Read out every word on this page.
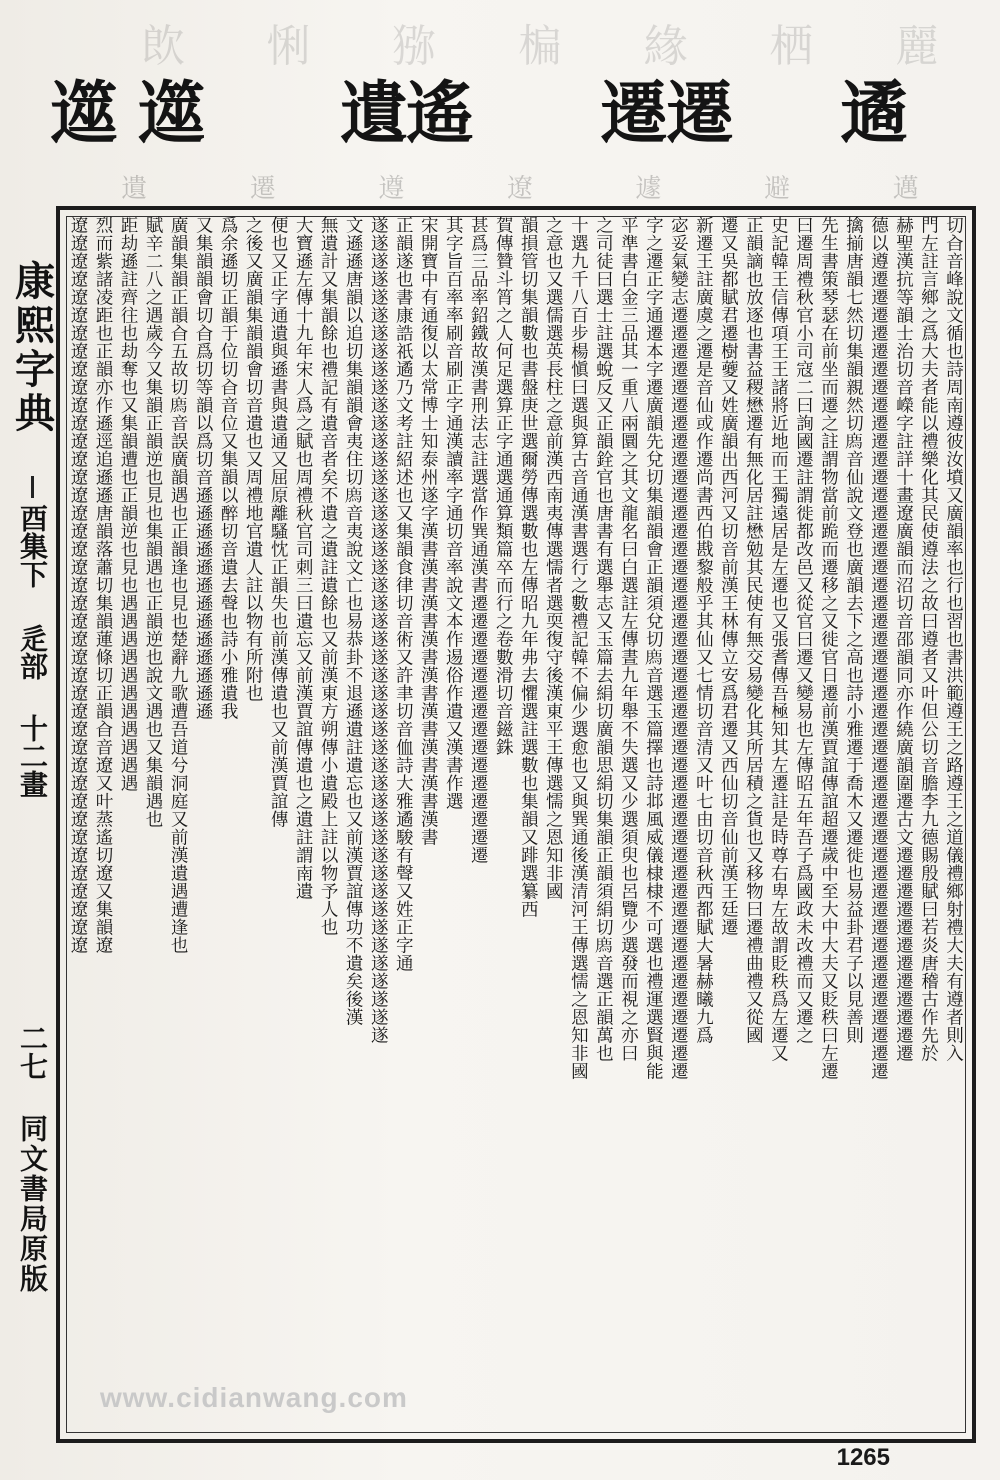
欴 悧 猕 楄 緣 栖 麗
遾 遾 遺遙 遷遷 遹
遺	遷	遵	遼	遽	避	邁
康熙字典
酉集下
辵部
十二畫
二七
同文書局原版
切㒲音峰說文循也詩周南遵彼汝墳又廣韻率也行也習也書洪範遵王之路遵王之道儀禮鄉射禮大夫有遵者則入
門左註言鄉之爲大夫者能以禮樂化其民使遵法之故曰遵者又叶但公切音膽李九德賜殷賦曰若炎唐稽古作先於
赫聖漢抗等韻士治切音嶸字註詳十畫遼廣韻而沼切音邵韻同亦作繞廣韻圍遷古文遷遷遷遷遷遷遷遷遷遷遷遷
德以遵遷遷遷遷遷遷遷遷遷遷遷遷遷遷遷遷遷遷遷遷遷遷遷遷遷遷遷遷遷遷遷遷遷遷遷遷遷遷遷遷遷遷遷遷遷
擒揃唐韻七然切集韻親然切𢊁音仙說文登也廣韻去下之高也詩小雅遷于喬木又遷徙也易益卦君子以見善則
先生書策琴瑟在前坐而遷之註謂物當前跪而遷移之又徙官日遷前漢賈誼傳誼超遷歲中至大中大夫又貶秩曰左遷
曰遷周禮秋官小司寇二曰詢國遷註謂徙都改邑又從官曰遷又變易也左傳昭五年吾子爲國政未改禮而又遷之
史記韓王信傳項王王諸將近地而王獨遠居是左遷也又張耆傳吾極知其左遷註是時尊右卑左故謂貶秩爲左遷又
正韻謫也放逐也書益稷懋遷有無化居註懋勉其民使有無交易變化其所居積之貨也又移物曰遷禮曲禮又從國
遷又吳都賦君遷樹䕫又姓廣韻出西河又切音前漢王林傳立安爲君遷又西仙切音仙前漢王廷遷
新遷王註廣虞之遷是音仙或作遷尚書西伯戡黎般乎其仙又七情切音清又叶七由切音秋西都賦大暑赫曦九爲
宓妥氣變志遷遷遷遷遷遷遷遷遷遷遷遷遷遷遷遷遷遷遷遷遷遷遷遷遷遷遷遷遷遷遷遷遷遷遷遷遷遷遷遷遷遷遷
字之遷正字通遷本字遷廣韻先兌切集韻韻會正韻須兌切𢊁音選玉篇擇也詩邶風威儀棣棣不可選也禮運選賢與能
平準書白金三品其一重八兩圜之其文龍名曰白選註左傳晝九年舉不失選又少選須臾也呂覽少選發而視之亦曰
之司徒曰選士註選蛻反又正韻銓官也唐書有選舉志又玉篇去絹切廣韻思絹切集韻正韻須絹切𢊁音選正韻萬也
十選九千八百步楊愼曰選與算古音通漢書選行之數禮記韓不偏少選愈也又與巽通後漢清河王傳選懦之恩知非國
之意也又選儒選英長柱之意前漢西南夷傳選懦者選耎復守後漢東平王傳選懦之恩知非國
韻損管切集韻數也書盤庚世選爾勞傳選數也左傳昭九年弗去懼選註選數也集韻又䠊選纂西
賀傳贊斗筲之人何足選算正字通選通算類篇卒而行之卷數滑切音鎡銖
甚爲三品率鉊鐵故漢書刑法志註選當作巽通漢書遷遷遷遷遷遷遷遷遷遷遷遷遷遷遷
其字旨百率率刷音刷正字通漢讀率字通切音率說文本作逷俗作遺又漢書作選
宋開寶中有通復以太常博士知泰州遂字漢書漢書漢書漢書漢書漢書漢書漢書漢書
正韻遂也書康誥祇遹乃文考註紹述也又集韻食律切音術又許聿切音侐詩大雅遹駿有聲又姓正字通
遂遂遂遂遂遂遂遂遂遂遂遂遂遂遂遂遂遂遂遂遂遂遂遂遂遂遂遂遂遂遂遂遂遂遂遂遂遂遂遂遂遂遂遂遂遂
文遜遜唐韻以追切集韻韻會夷住切𢊁音夷說文亡也易恭卦不退遜遺註遺忘也又前漢賈誼傳功不遺矣後漢
無遺計又集韻餘也禮記有遺音者矣不遺之遺註遺餘也又前漢東方朔傳小遺殿上註以物予人也
大寶遜左傳十九年宋人爲之賦也周禮秋官司刺三曰遺忘又前漢賈誼傳遺也之遺註謂南遺
便也又正字通遺與遜書與遺通又屈原離騷忱正韻失也前漢傳遺也又前漢賈誼傳
之後又廣韻集韻韻會切音遺也又周禮地官遺人註以物有所附也
爲余遜切正韻于位切㒲音位又集韻以醉切音遺去聲也詩小雅遺我
又集韻韻會切㒲爲切等韻以爲切音遜遜遜遜遜遜遜遜遜遜遜遜遜
廣韻集韻正韻㒲五故切𢊁音誤廣韻遇也正韻逢也見也楚辭九歌遭吾道兮洞庭又前漢遺遇遭逢也
賦辛二八之遇歲今又集韻正韻逆也見也集韻遇也正韻逆也說文遇也又集韻遇也
距劫遜註齊往也劫奪也又集韻遭也正韻逆也見也遇遇遇遇遇遇遇遇遇遇遇
烈而紫諸凌距也正韻亦作遜逕追遜遜唐韻落蕭切集韻蓮條切正韻㒲音遼又叶蒸遙切遼又集韻遼
遼遼遼遼遼遼遼遼遼遼遼遼遼遼遼遼遼遼遼遼遼遼遼遼遼遼遼遼遼遼遼遼遼遼遼遼遼遼遼遼遼
www.cidianwang.com
1265
